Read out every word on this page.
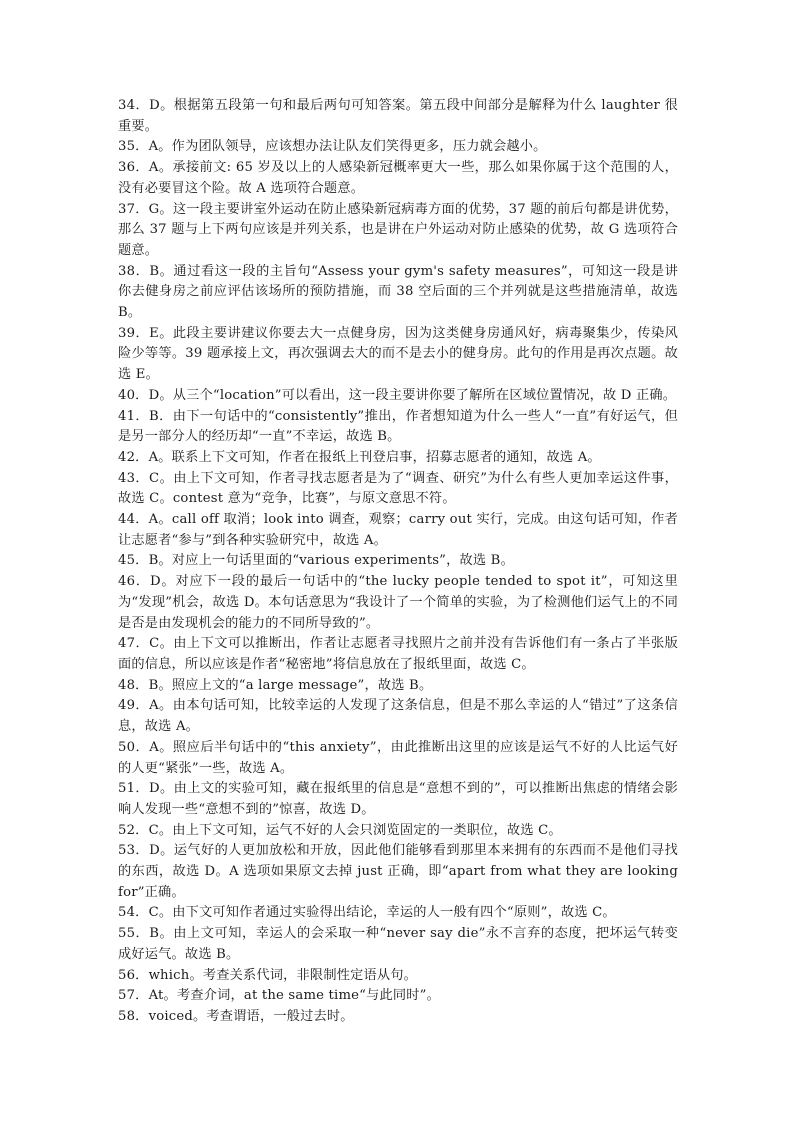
34．D。根据第五段第一句和最后两句可知答案。第五段中间部分是解释为什么 laughter 很重要。

35．A。作为团队领导，应该想办法让队友们笑得更多，压力就会越小。

36．A。承接前文: 65 岁及以上的人感染新冠概率更大一些，那么如果你属于这个范围的人，没有必要冒这个险。故 A 选项符合题意。

37．G。这一段主要讲室外运动在防止感染新冠病毒方面的优势，37 题的前后句都是讲优势，那么 37 题与上下两句应该是并列关系，也是讲在户外运动对防止感染的优势，故 G 选项符合题意。

38．B。通过看这一段的主旨句“Assess your gym's safety measures”，可知这一段是讲你去健身房之前应评估该场所的预防措施，而 38 空后面的三个并列就是这些措施清单，故选 B。

39．E。此段主要讲建议你要去大一点健身房，因为这类健身房通风好，病毒聚集少，传染风险少等等。39 题承接上文，再次强调去大的而不是去小的健身房。此句的作用是再次点题。故选 E。

40．D。从三个“location”可以看出，这一段主要讲你要了解所在区域位置情况，故 D 正确。

41．B．由下一句话中的“consistently”推出，作者想知道为什么一些人“一直”有好运气，但是另一部分人的经历却“一直”不幸运，故选 B。

42．A。联系上下文可知，作者在报纸上刊登启事，招募志愿者的通知，故选 A。

43．C。由上下文可知，作者寻找志愿者是为了“调查、研究”为什么有些人更加幸运这件事，故选 C。contest 意为“竞争，比赛”，与原文意思不符。

44．A。call off 取消；look into 调查，观察；carry out 实行，完成。由这句话可知，作者让志愿者“参与”到各种实验研究中，故选 A。

45．B。对应上一句话里面的“various experiments”，故选 B。

46．D。对应下一段的最后一句话中的“the lucky people tended to spot it”，可知这里为“发现”机会，故选 D。本句话意思为“我设计了一个简单的实验，为了检测他们运气上的不同是否是由发现机会的能力的不同所导致的”。

47．C。由上下文可以推断出，作者让志愿者寻找照片之前并没有告诉他们有一条占了半张版面的信息，所以应该是作者“秘密地”将信息放在了报纸里面，故选 C。

48．B。照应上文的“a large message”，故选 B。

49．A。由本句话可知，比较幸运的人发现了这条信息，但是不那么幸运的人“错过”了这条信息，故选 A。

50．A。照应后半句话中的“this anxiety”，由此推断出这里的应该是运气不好的人比运气好的人更“紧张”一些，故选 A。

51．D。由上文的实验可知，藏在报纸里的信息是“意想不到的”，可以推断出焦虑的情绪会影响人发现一些“意想不到的”惊喜，故选 D。

52．C。由上下文可知，运气不好的人会只浏览固定的一类职位，故选 C。

53．D。运气好的人更加放松和开放，因此他们能够看到那里本来拥有的东西而不是他们寻找的东西，故选 D。A 选项如果原文去掉 just 正确，即“apart from what they are looking for”正确。

54．C。由下文可知作者通过实验得出结论，幸运的人一般有四个“原则”，故选 C。

55．B。由上文可知，幸运人的会采取一种“never say die”永不言弃的态度，把坏运气转变成好运气。故选 B。

56．which。考查关系代词，非限制性定语从句。

57．At。考查介词，at the same time“与此同时”。

58．voiced。考查谓语，一般过去时。
